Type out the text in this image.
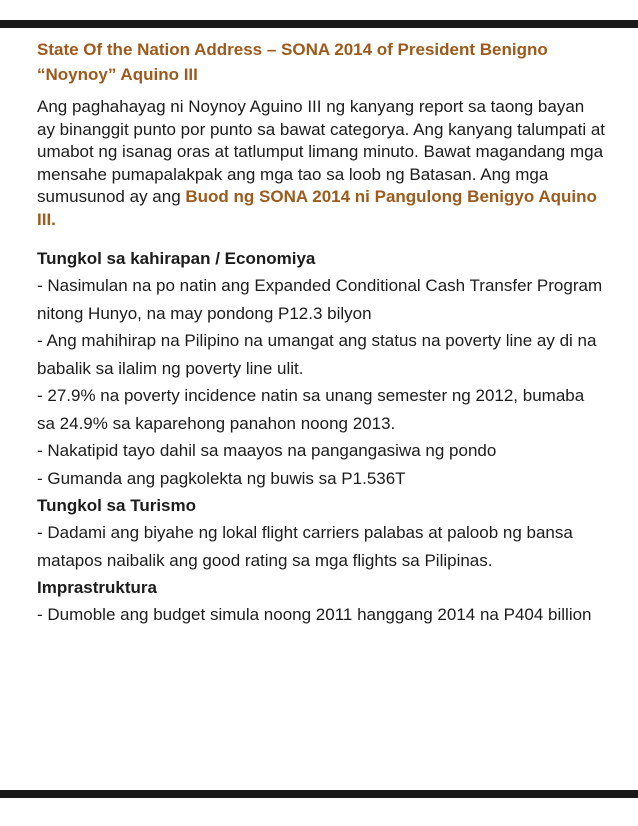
State Of the Nation Address – SONA 2014 of President Benigno “Noynoy” Aquino III

Ang paghahayag ni Noynoy Aguino III ng kanyang report sa taong bayan ay binanggit punto por punto sa bawat categorya. Ang kanyang talumpati at umabot ng isanag oras at tatlumput limang minuto. Bawat magandang mga mensahe pumapalakpak ang mga tao sa loob ng Batasan. Ang mga sumusunod ay ang Buod ng SONA 2014 ni Pangulong Benigyo Aquino III.

Tungkol sa kahirapan / Economiya
- Nasimulan na po natin ang Expanded Conditional Cash Transfer Program nitong Hunyo, na may pondong P12.3 bilyon
- Ang mahihirap na Pilipino na umangat ang status na poverty line ay di na babalik sa ilalim ng poverty line ulit.
- 27.9% na poverty incidence natin sa unang semester ng 2012, bumaba sa 24.9% sa kaparehong panahon noong 2013.
- Nakatipid tayo dahil sa maayos na pangangasiwa ng pondo
- Gumanda ang pagkolekta ng buwis sa P1.536T
Tungkol sa Turismo
- Dadami ang biyahe ng lokal flight carriers palabas at paloob ng bansa matapos naibalik ang good rating sa mga flights sa Pilipinas.
Imprastruktura
- Dumoble ang budget simula noong 2011 hanggang 2014 na P404 billion
